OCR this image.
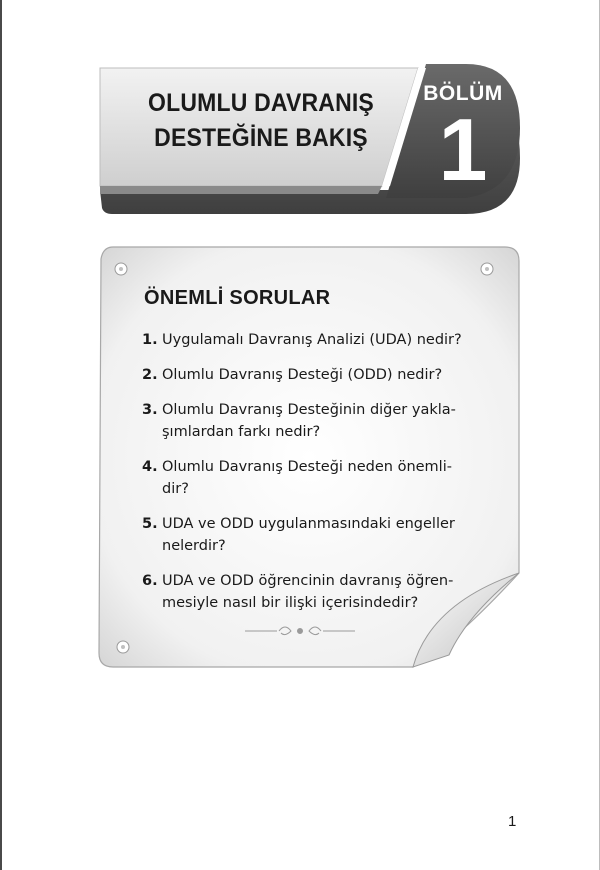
OLUMLU DAVRANIŞ
DESTEĞİNE BAKIŞ
BÖLÜM
1
ÖNEMLİ SORULAR
1. Uygulamalı Davranış Analizi (UDA) nedir?
2. Olumlu Davranış Desteği (ODD) nedir?
3. Olumlu Davranış Desteğinin diğer yakla-
şımlardan farkı nedir?
4. Olumlu Davranış Desteği neden önemli-
dir?
5. UDA ve ODD uygulanmasındaki engeller
nelerdir?
6. UDA ve ODD öğrencinin davranış öğren-
mesiyle nasıl bir ilişki içerisindedir?
1
